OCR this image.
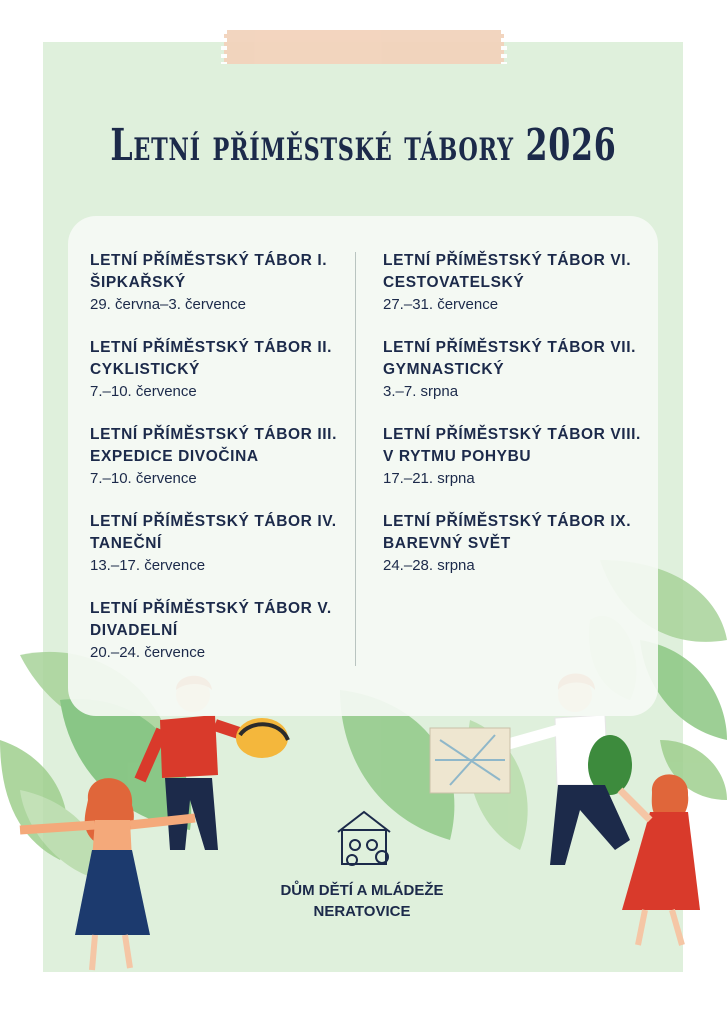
Letní příměstské tábory 2026
LETNÍ PŘÍMĚSTSKÝ TÁBOR I.
ŠIPKAŘSKÝ
29. června–3. července
LETNÍ PŘÍMĚSTSKÝ TÁBOR II.
CYKLISTICKÝ
7.–10. července
LETNÍ PŘÍMĚSTSKÝ TÁBOR III.
EXPEDICE DIVOČINA
7.–10. července
LETNÍ PŘÍMĚSTSKÝ TÁBOR IV.
TANEČNÍ
13.–17. července
LETNÍ PŘÍMĚSTSKÝ TÁBOR V.
DIVADELNÍ
20.–24. července
LETNÍ PŘÍMĚSTSKÝ TÁBOR VI.
CESTOVATELSKÝ
27.–31. července
LETNÍ PŘÍMĚSTSKÝ TÁBOR VII.
GYMNASTICKÝ
3.–7. srpna
LETNÍ PŘÍMĚSTSKÝ TÁBOR VIII.
V RYTMU POHYBU
17.–21. srpna
LETNÍ PŘÍMĚSTSKÝ TÁBOR IX.
BAREVNÝ SVĚT
24.–28. srpna
DŮM DĚTÍ A MLÁDEŽE
NERATOVICE
